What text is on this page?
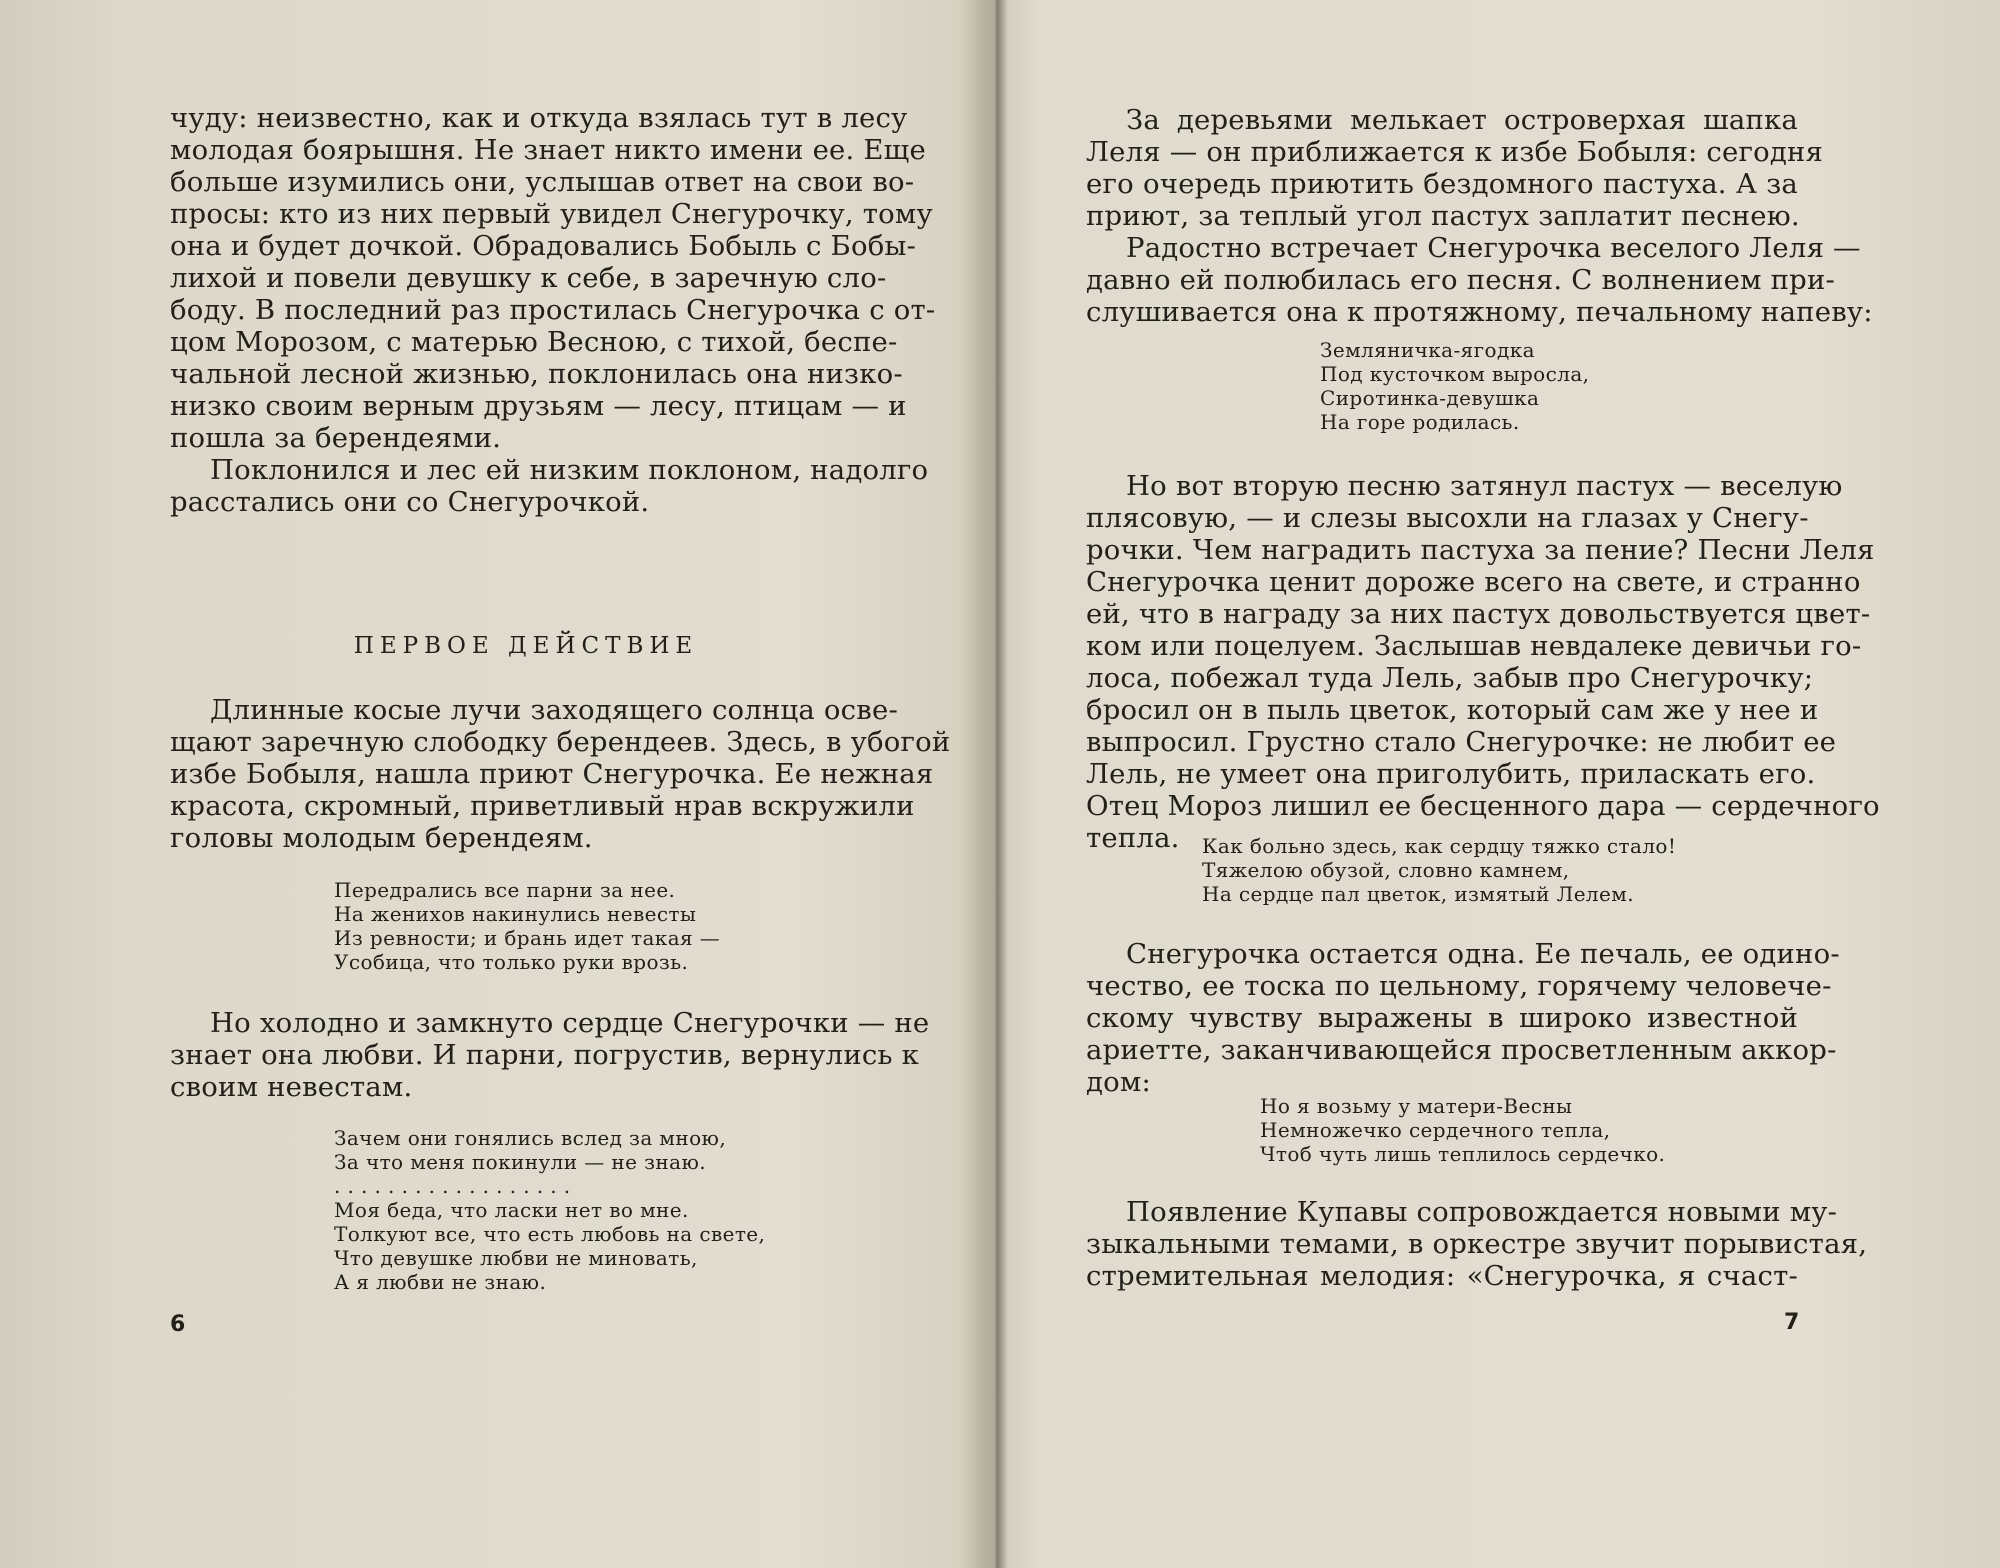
чуду: неизвестно, как и откуда взялась тут в лесу
молодая боярышня. Не знает никто имени ее. Еще
больше изумились они, услышав ответ на свои во-
просы: кто из них первый увидел Снегурочку, тому
она и будет дочкой. Обрадовались Бобыль с Бобы-
лихой и повели девушку к себе, в заречную сло-
боду. В последний раз простилась Снегурочка с от-
цом Морозом, с матерью Весною, с тихой, беспе-
чальной лесной жизнью, поклонилась она низко-
низко своим верным друзьям — лесу, птицам — и
пошла за берендеями.
Поклонился и лес ей низким поклоном, надолго
расстались они со Снегурочкой.
ПЕРВОЕ ДЕЙСТВИЕ
Длинные косые лучи заходящего солнца осве-
щают заречную слободку берендеев. Здесь, в убогой
избе Бобыля, нашла приют Снегурочка. Ее нежная
красота, скромный, приветливый нрав вскружили
головы молодым берендеям.
Передрались все парни за нее.
На женихов накинулись невесты
Из ревности; и брань идет такая —
Усобица, что только руки врозь.
Но холодно и замкнуто сердце Снегурочки — не
знает она любви. И парни, погрустив, вернулись к
своим невестам.
Зачем они гонялись вслед за мною,
За что меня покинули — не знаю.
. . . . . . . . . . . . . . . . . .
Моя беда, что ласки нет во мне.
Толкуют все, что есть любовь на свете,
Что девушке любви не миновать,
А я любви не знаю.
6
За деревьями мелькает островерхая шапка
Леля — он приближается к избе Бобыля: сегодня
его очередь приютить бездомного пастуха. А за
приют, за теплый угол пастух заплатит песнею.
Радостно встречает Снегурочка веселого Леля —
давно ей полюбилась его песня. С волнением при-
слушивается она к протяжному, печальному напеву:
Земляничка-ягодка
Под кусточком выросла,
Сиротинка-девушка
На горе родилась.
Но вот вторую песню затянул пастух — веселую
плясовую, — и слезы высохли на глазах у Снегу-
рочки. Чем наградить пастуха за пение? Песни Леля
Снегурочка ценит дороже всего на свете, и странно
ей, что в награду за них пастух довольствуется цвет-
ком или поцелуем. Заслышав невдалеке девичьи го-
лоса, побежал туда Лель, забыв про Снегурочку;
бросил он в пыль цветок, который сам же у нее и
выпросил. Грустно стало Снегурочке: не любит ее
Лель, не умеет она приголубить, приласкать его.
Отец Мороз лишил ее бесценного дара — сердечного
тепла.	Как больно здесь, как сердцу тяжко стало!
Тяжелою обузой, словно камнем,
На сердце пал цветок, измятый Лелем.
Снегурочка остается одна. Ее печаль, ее одино-
чество, ее тоска по цельному, горячему человече-
скому чувству выражены в широко известной
ариетте, заканчивающейся просветленным аккор-
дом:
Но я возьму у матери-Весны
Немножечко сердечного тепла,
Чтоб чуть лишь теплилось сердечко.
Появление Купавы сопровождается новыми му-
зыкальными темами, в оркестре звучит порывистая,
стремительная мелодия: «Снегурочка, я счаст-
7
